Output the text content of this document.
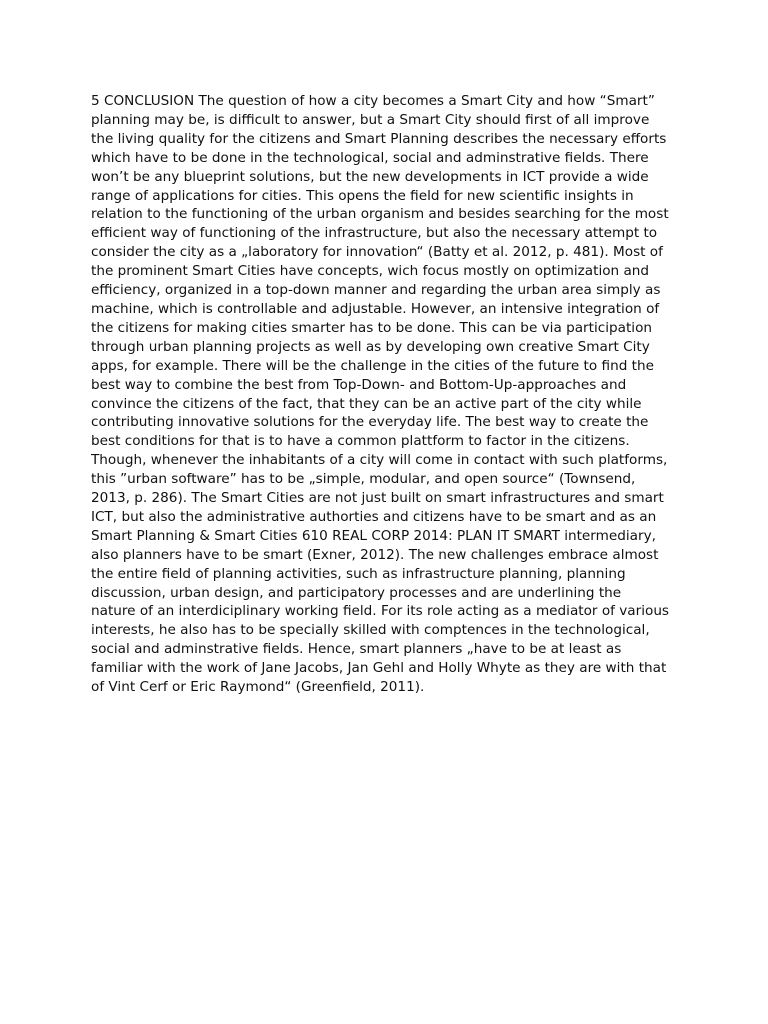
5 CONCLUSION The question of how a city becomes a Smart City and how “Smart”
planning may be, is difficult to answer, but a Smart City should first of all improve
the living quality for the citizens and Smart Planning describes the necessary efforts
which have to be done in the technological, social and adminstrative fields. There
won’t be any blueprint solutions, but the new developments in ICT provide a wide
range of applications for cities. This opens the field for new scientific insights in
relation to the functioning of the urban organism and besides searching for the most
efficient way of functioning of the infrastructure, but also the necessary attempt to
consider the city as a „laboratory for innovation“ (Batty et al. 2012, p. 481). Most of
the prominent Smart Cities have concepts, wich focus mostly on optimization and
efficiency, organized in a top-down manner and regarding the urban area simply as
machine, which is controllable and adjustable. However, an intensive integration of
the citizens for making cities smarter has to be done. This can be via participation
through urban planning projects as well as by developing own creative Smart City
apps, for example. There will be the challenge in the cities of the future to find the
best way to combine the best from Top-Down- and Bottom-Up-approaches and
convince the citizens of the fact, that they can be an active part of the city while
contributing innovative solutions for the everyday life. The best way to create the
best conditions for that is to have a common plattform to factor in the citizens.
Though, whenever the inhabitants of a city will come in contact with such platforms,
this ”urban software” has to be „simple, modular, and open source“ (Townsend,
2013, p. 286). The Smart Cities are not just built on smart infrastructures and smart
ICT, but also the administrative authorties and citizens have to be smart and as an
Smart Planning & Smart Cities 610 REAL CORP 2014: PLAN IT SMART intermediary,
also planners have to be smart (Exner, 2012). The new challenges embrace almost
the entire field of planning activities, such as infrastructure planning, planning
discussion, urban design, and participatory processes and are underlining the
nature of an interdiciplinary working field. For its role acting as a mediator of various
interests, he also has to be specially skilled with comptences in the technological,
social and adminstrative fields. Hence, smart planners „have to be at least as
familiar with the work of Jane Jacobs, Jan Gehl and Holly Whyte as they are with that
of Vint Cerf or Eric Raymond“ (Greenfield, 2011).
